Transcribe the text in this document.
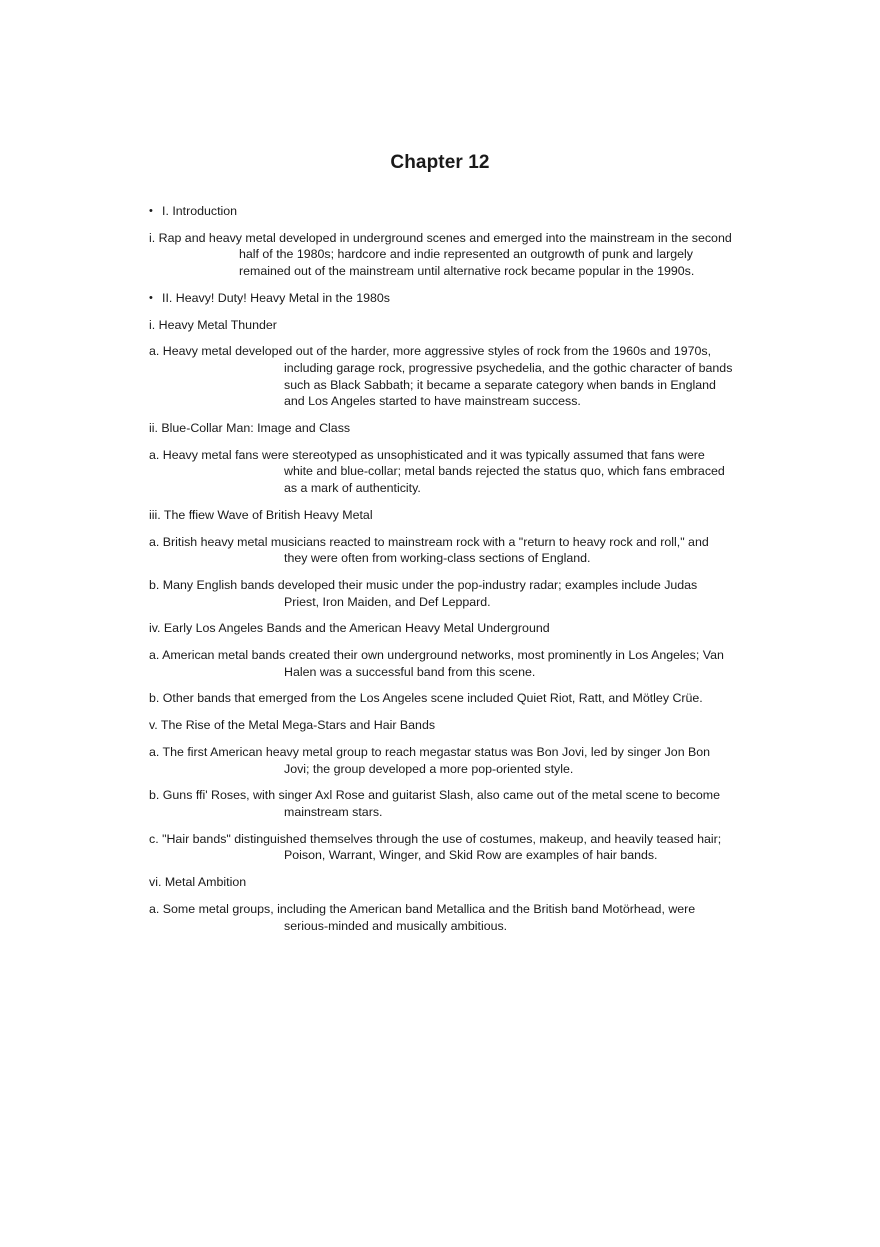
Chapter 12
• I. Introduction
i. Rap and heavy metal developed in underground scenes and emerged into the mainstream in the second half of the 1980s; hardcore and indie represented an outgrowth of punk and largely remained out of the mainstream until alternative rock became popular in the 1990s.
• II. Heavy! Duty! Heavy Metal in the 1980s
i. Heavy Metal Thunder
a. Heavy metal developed out of the harder, more aggressive styles of rock from the 1960s and 1970s, including garage rock, progressive psychedelia, and the gothic character of bands such as Black Sabbath; it became a separate category when bands in England and Los Angeles started to have mainstream success.
ii. Blue-Collar Man: Image and Class
a. Heavy metal fans were stereotyped as unsophisticated and it was typically assumed that fans were white and blue-collar; metal bands rejected the status quo, which fans embraced as a mark of authenticity.
iii. The ffiew Wave of British Heavy Metal
a. British heavy metal musicians reacted to mainstream rock with a "return to heavy rock and roll," and they were often from working-class sections of England.
b. Many English bands developed their music under the pop-industry radar; examples include Judas Priest, Iron Maiden, and Def Leppard.
iv. Early Los Angeles Bands and the American Heavy Metal Underground
a. American metal bands created their own underground networks, most prominently in Los Angeles; Van Halen was a successful band from this scene.
b. Other bands that emerged from the Los Angeles scene included Quiet Riot, Ratt, and Mötley Crüe.
v. The Rise of the Metal Mega-Stars and Hair Bands
a. The first American heavy metal group to reach megastar status was Bon Jovi, led by singer Jon Bon Jovi; the group developed a more pop-oriented style.
b. Guns ffi' Roses, with singer Axl Rose and guitarist Slash, also came out of the metal scene to become mainstream stars.
c. "Hair bands" distinguished themselves through the use of costumes, makeup, and heavily teased hair; Poison, Warrant, Winger, and Skid Row are examples of hair bands.
vi. Metal Ambition
a. Some metal groups, including the American band Metallica and the British band Motörhead, were serious-minded and musically ambitious.
